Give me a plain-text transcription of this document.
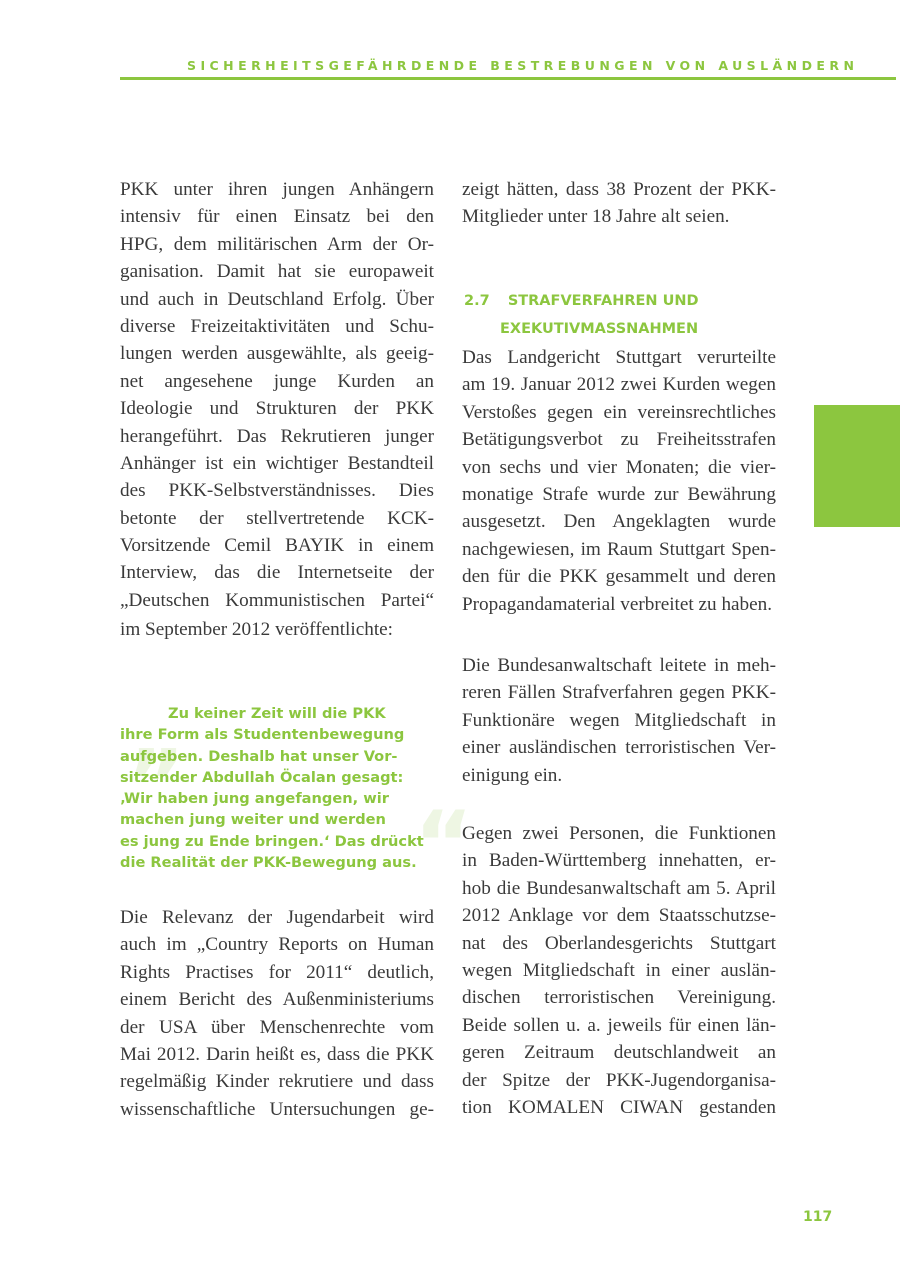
SICHERHEITSGEFÄHRDENDE BESTREBUNGEN VON AUSLÄNDERN
PKK unter ihren jungen Anhängern
intensiv für einen Einsatz bei den
HPG, dem militärischen Arm der Or-
ganisation. Damit hat sie europaweit
und auch in Deutschland Erfolg. Über
diverse Freizeitaktivitäten und Schu-
lungen werden ausgewählte, als geeig-
net angesehene junge Kurden an
Ideologie und Strukturen der PKK
herangeführt. Das Rekrutieren junger
Anhänger ist ein wichtiger Bestandteil
des PKK-Selbstverständnisses. Dies
betonte der stellvertretende KCK-
Vorsitzende Cemil BAYIK in einem
Interview, das die Internetseite der
„Deutschen Kommunistischen Partei“
im September 2012 veröffentlichte:
„
“
Zu keiner Zeit will die PKK
ihre Form als Studentenbewegung
aufgeben. Deshalb hat unser Vor-
sitzender Abdullah Öcalan gesagt:
‚Wir haben jung angefangen, wir
machen jung weiter und werden
es jung zu Ende bringen.‘ Das drückt
die Realität der PKK-Bewegung aus.
Die Relevanz der Jugendarbeit wird
auch im „Country Reports on Human
Rights Practises for 2011“ deutlich,
einem Bericht des Außenministeriums
der USA über Menschenrechte vom
Mai 2012. Darin heißt es, dass die PKK
regelmäßig Kinder rekrutiere und dass
wissenschaftliche Untersuchungen ge-
zeigt hätten, dass 38 Prozent der PKK-
Mitglieder unter 18 Jahre alt seien.
2.7 STRAFVERFAHREN UND
EXEKUTIVMASSNAHMEN
Das Landgericht Stuttgart verurteilte
am 19. Januar 2012 zwei Kurden wegen
Verstoßes gegen ein vereinsrechtliches
Betätigungsverbot zu Freiheitsstrafen
von sechs und vier Monaten; die vier-
monatige Strafe wurde zur Bewährung
ausgesetzt. Den Angeklagten wurde
nachgewiesen, im Raum Stuttgart Spen-
den für die PKK gesammelt und deren
Propagandamaterial verbreitet zu haben.
Die Bundesanwaltschaft leitete in meh-
reren Fällen Strafverfahren gegen PKK-
Funktionäre wegen Mitgliedschaft in
einer ausländischen terroristischen Ver-
einigung ein.
Gegen zwei Personen, die Funktionen
in Baden-Württemberg innehatten, er-
hob die Bundesanwaltschaft am 5. April
2012 Anklage vor dem Staatsschutzse-
nat des Oberlandesgerichts Stuttgart
wegen Mitgliedschaft in einer auslän-
dischen terroristischen Vereinigung.
Beide sollen u. a. jeweils für einen län-
geren Zeitraum deutschlandweit an
der Spitze der PKK-Jugendorganisa-
tion KOMALEN CIWAN gestanden
117
